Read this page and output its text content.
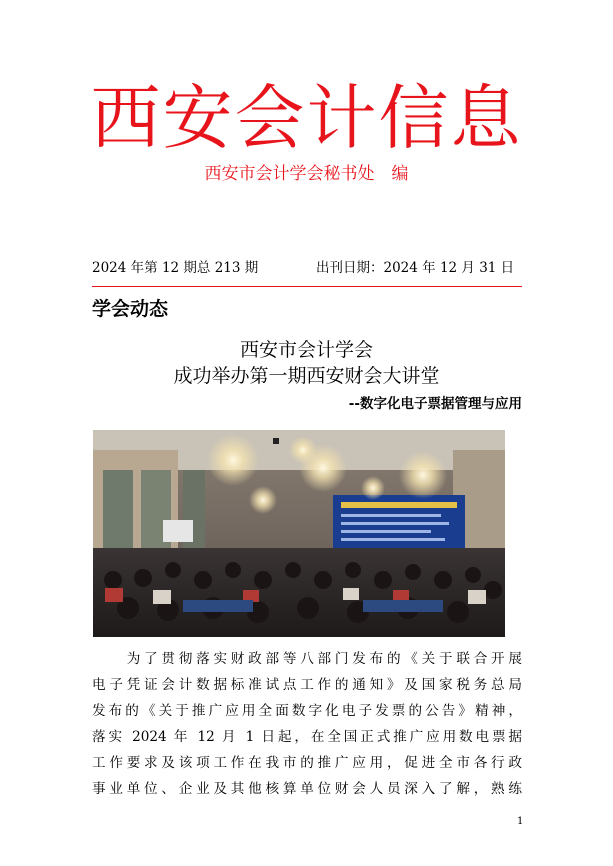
西安会计信息
西安市会计学会秘书处　编
2024 年第 12 期总 213 期	出刊日期：2024 年 12 月 31 日
学会动态
西安市会计学会
成功举办第一期西安财会大讲堂
--数字化电子票据管理与应用
　　为了贯彻落实财政部等八部门发布的《关于联合开展
电子凭证会计数据标准试点工作的通知》及国家税务总局
发布的《关于推广应用全面数字化电子发票的公告》精神，
落实 2024 年 12 月 1 日起，在全国正式推广应用数电票据
工作要求及该项工作在我市的推广应用，促进全市各行政
事业单位、企业及其他核算单位财会人员深入了解，熟练
1
